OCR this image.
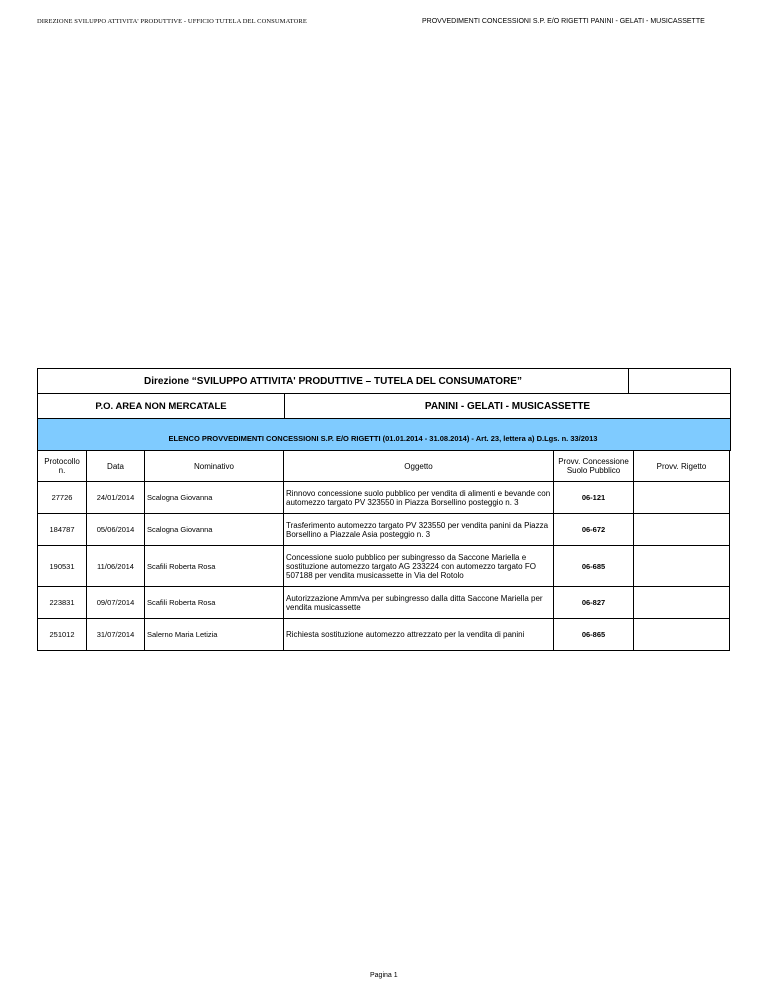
DIREZIONE SVILUPPO ATTIVITA' PRODUTTIVE - UFFICIO TUTELA DEL CONSUMATORE	PROVVEDIMENTI CONCESSIONI S.P. E/O RIGETTI PANINI - GELATI - MUSICASSETTE
Direzione “SVILUPPO ATTIVITA' PRODUTTIVE – TUTELA DEL CONSUMATORE”
P.O. AREA NON MERCATALE	PANINI - GELATI - MUSICASSETTE
ELENCO PROVVEDIMENTI CONCESSIONI S.P. E/O RIGETTI (01.01.2014 - 31.08.2014) - Art. 23, lettera a) D.Lgs. n. 33/2013
Protocollo n.	Data	Nominativo	Oggetto	Provv. Concessione Suolo Pubblico	Provv. Rigetto
27726	24/01/2014	Scalogna Giovanna	Rinnovo concessione suolo pubblico per vendita di alimenti e bevande con automezzo targato PV 323550 in Piazza Borsellino posteggio n. 3	06-121	
184787	05/06/2014	Scalogna Giovanna	Trasferimento automezzo targato PV 323550 per vendita panini da Piazza Borsellino a Piazzale Asia posteggio n. 3	06-672	
190531	11/06/2014	Scafili Roberta Rosa	Concessione suolo pubblico per subingresso da Saccone Mariella e sostituzione automezzo targato AG 233224 con automezzo targato FO 507188 per vendita musicassette in Via del Rotolo	06-685	
223831	09/07/2014	Scafili Roberta Rosa	Autorizzazione Amm/va per subingresso dalla ditta Saccone Mariella per vendita musicassette	06-827	
251012	31/07/2014	Salerno Maria Letizia	Richiesta sostituzione automezzo attrezzato per la vendita di panini	06-865	
Pagina 1
